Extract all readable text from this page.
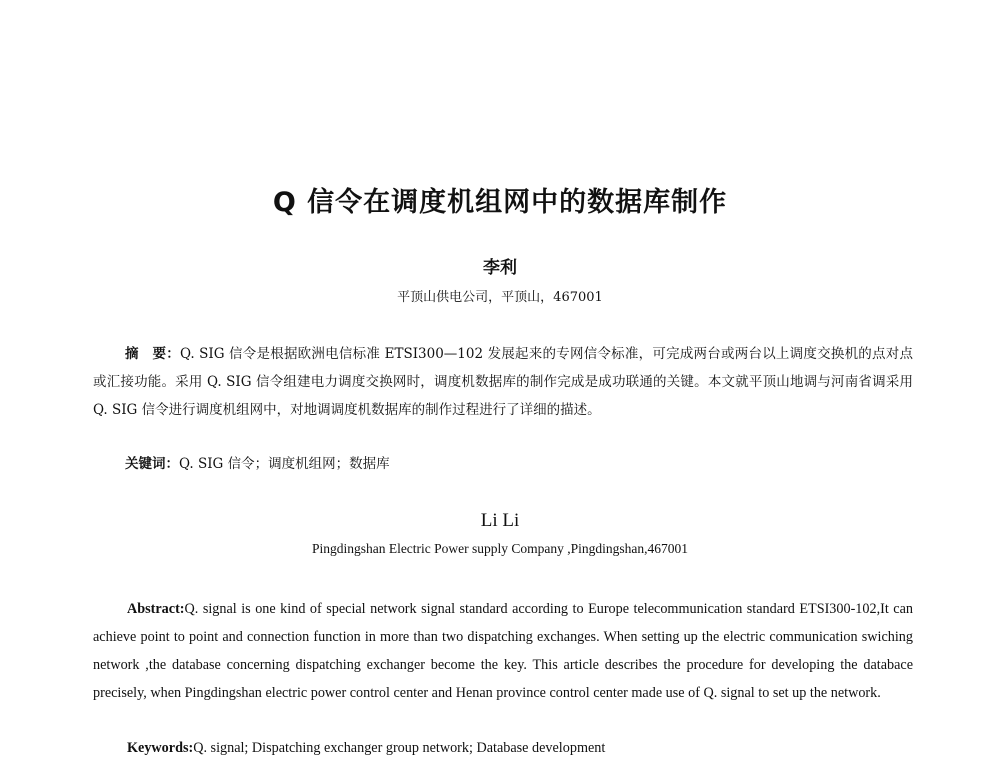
Q 信令在调度机组网中的数据库制作
李利
平顶山供电公司，平顶山，467001
摘　要：Q. SIG 信令是根据欧洲电信标准 ETSI300—102 发展起来的专网信令标准，可完成两台或两台以上调度交换机的点对点或汇接功能。采用 Q. SIG 信令组建电力调度交换网时，调度机数据库的制作完成是成功联通的关键。本文就平顶山地调与河南省调采用 Q. SIG 信令进行调度机组网中，对地调调度机数据库的制作过程进行了详细的描述。
关键词：Q. SIG 信令；调度机组网；数据库
Li Li
Pingdingshan Electric Power supply Company ,Pingdingshan,467001
Abstract:Q. signal is one kind of special network signal standard according to Europe telecommunication standard ETSI300-102,It can achieve point to point and connection function in more than two dispatching exchanges. When setting up the electric communication swiching network ,the database concerning dispatching exchanger become the key. This article describes the procedure for developing the databace precisely, when Pingdingshan electric power control center and Henan province control center made use of Q. signal to set up the network.
Keywords:Q. signal; Dispatching exchanger group network; Database development
